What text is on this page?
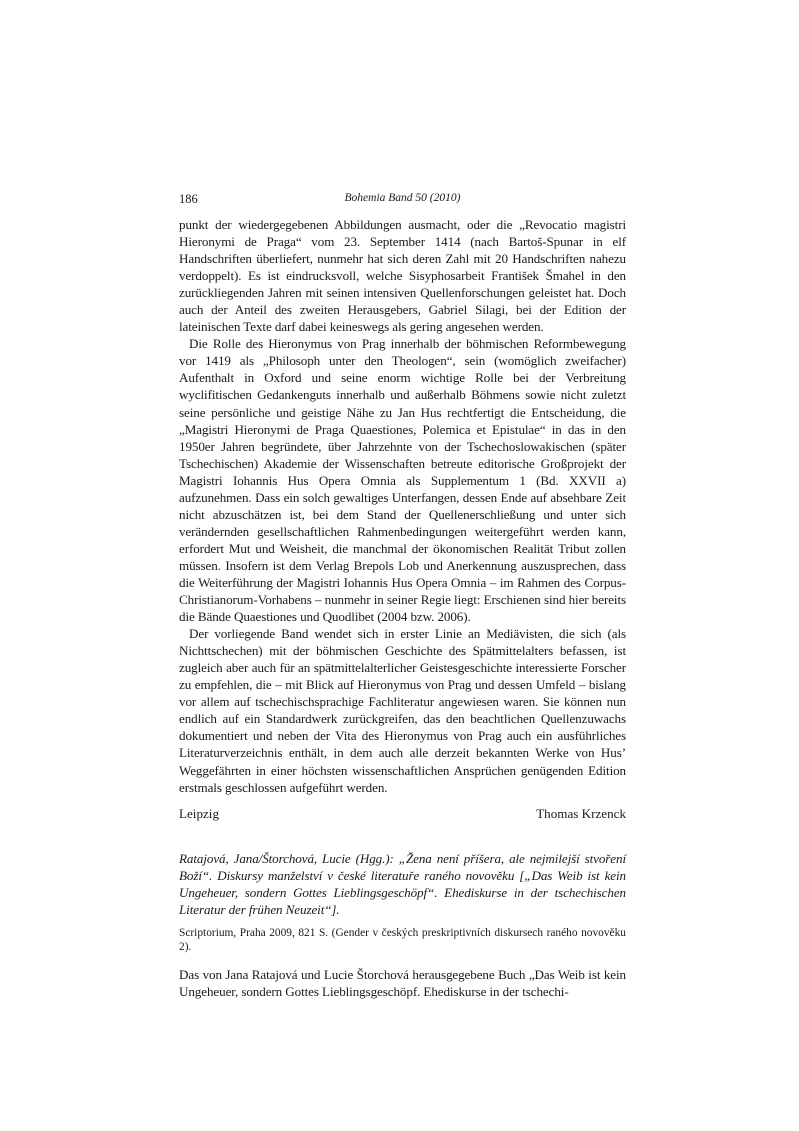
186	Bohemia Band 50 (2010)

punkt der wiedergegebenen Abbildungen ausmacht, oder die „Revocatio magistri Hieronymi de Praga“ vom 23. September 1414 (nach Bartoš-Spunar in elf Handschriften überliefert, nunmehr hat sich deren Zahl mit 20 Handschriften nahezu verdoppelt). Es ist eindrucksvoll, welche Sisyphosarbeit František Šmahel in den zurückliegenden Jahren mit seinen intensiven Quellenforschungen geleistet hat. Doch auch der Anteil des zweiten Herausgebers, Gabriel Silagi, bei der Edition der lateinischen Texte darf dabei keineswegs als gering angesehen werden.

Die Rolle des Hieronymus von Prag innerhalb der böhmischen Reformbewegung vor 1419 als „Philosoph unter den Theologen“, sein (womöglich zweifacher) Aufenthalt in Oxford und seine enorm wichtige Rolle bei der Verbreitung wyclifitischen Gedankenguts innerhalb und außerhalb Böhmens sowie nicht zuletzt seine persönliche und geistige Nähe zu Jan Hus rechtfertigt die Entscheidung, die „Magistri Hieronymi de Praga Quaestiones, Polemica et Epistulae“ in das in den 1950er Jahren begründete, über Jahrzehnte von der Tschechoslowakischen (später Tschechischen) Akademie der Wissenschaften betreute editorische Großprojekt der Magistri Iohannis Hus Opera Omnia als Supplementum 1 (Bd. XXVII a) aufzunehmen. Dass ein solch gewaltiges Unterfangen, dessen Ende auf absehbare Zeit nicht abzuschätzen ist, bei dem Stand der Quellenerschließung und unter sich verändernden gesellschaftlichen Rahmenbedingungen weitergeführt werden kann, erfordert Mut und Weisheit, die manchmal der ökonomischen Realität Tribut zollen müssen. Insofern ist dem Verlag Brepols Lob und Anerkennung auszusprechen, dass die Weiterführung der Magistri Iohannis Hus Opera Omnia – im Rahmen des Corpus-Christianorum-Vorhabens – nunmehr in seiner Regie liegt: Erschienen sind hier bereits die Bände Quaestiones und Quodlibet (2004 bzw. 2006).

Der vorliegende Band wendet sich in erster Linie an Mediävisten, die sich (als Nichttschechen) mit der böhmischen Geschichte des Spätmittelalters befassen, ist zugleich aber auch für an spätmittelalterlicher Geistesgeschichte interessierte Forscher zu empfehlen, die – mit Blick auf Hieronymus von Prag und dessen Umfeld – bislang vor allem auf tschechischsprachige Fachliteratur angewiesen waren. Sie können nun endlich auf ein Standardwerk zurückgreifen, das den beachtlichen Quellenzuwachs dokumentiert und neben der Vita des Hieronymus von Prag auch ein ausführliches Literaturverzeichnis enthält, in dem auch alle derzeit bekannten Werke von Hus’ Weggefährten in einer höchsten wissenschaftlichen Ansprüchen genügenden Edition erstmals geschlossen aufgeführt werden.

Leipzig	Thomas Krzenck
Ratajová, Jana/Štorchová, Lucie (Hgg.): „Žena není příšera, ale nejmilejší stvoření Boží“. Diskursy manželství v české literatuře raného novověku [„Das Weib ist kein Ungeheuer, sondern Gottes Lieblingsgeschöpf“. Ehediskurse in der tschechischen Literatur der frühen Neuzeit“].
Scriptorium, Praha 2009, 821 S. (Gender v českých preskriptivních diskursech raného novověku 2).

Das von Jana Ratajová und Lucie Štorchová herausgegebene Buch „Das Weib ist kein Ungeheuer, sondern Gottes Lieblingsgeschöpf. Ehediskurse in der tschechi-
